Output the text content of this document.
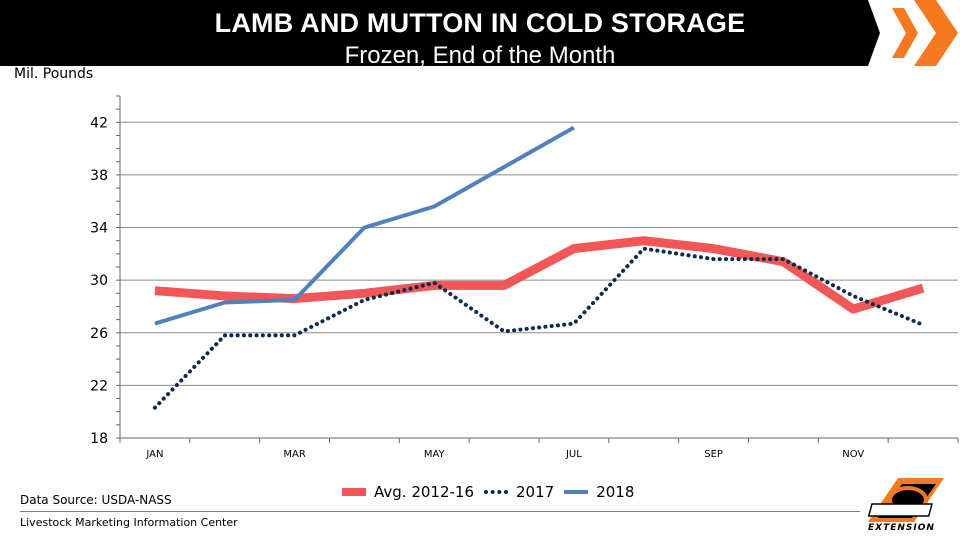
LAMB AND MUTTON IN COLD STORAGE
Frozen, End of the Month
Mil. Pounds
18
22
26
30
34
38
42
JAN	MAR	MAY	JUL	SEP	NOV
Avg. 2012-16	2017	2018
Data Source: USDA-NASS
Livestock Marketing Information Center	EXTENSION
